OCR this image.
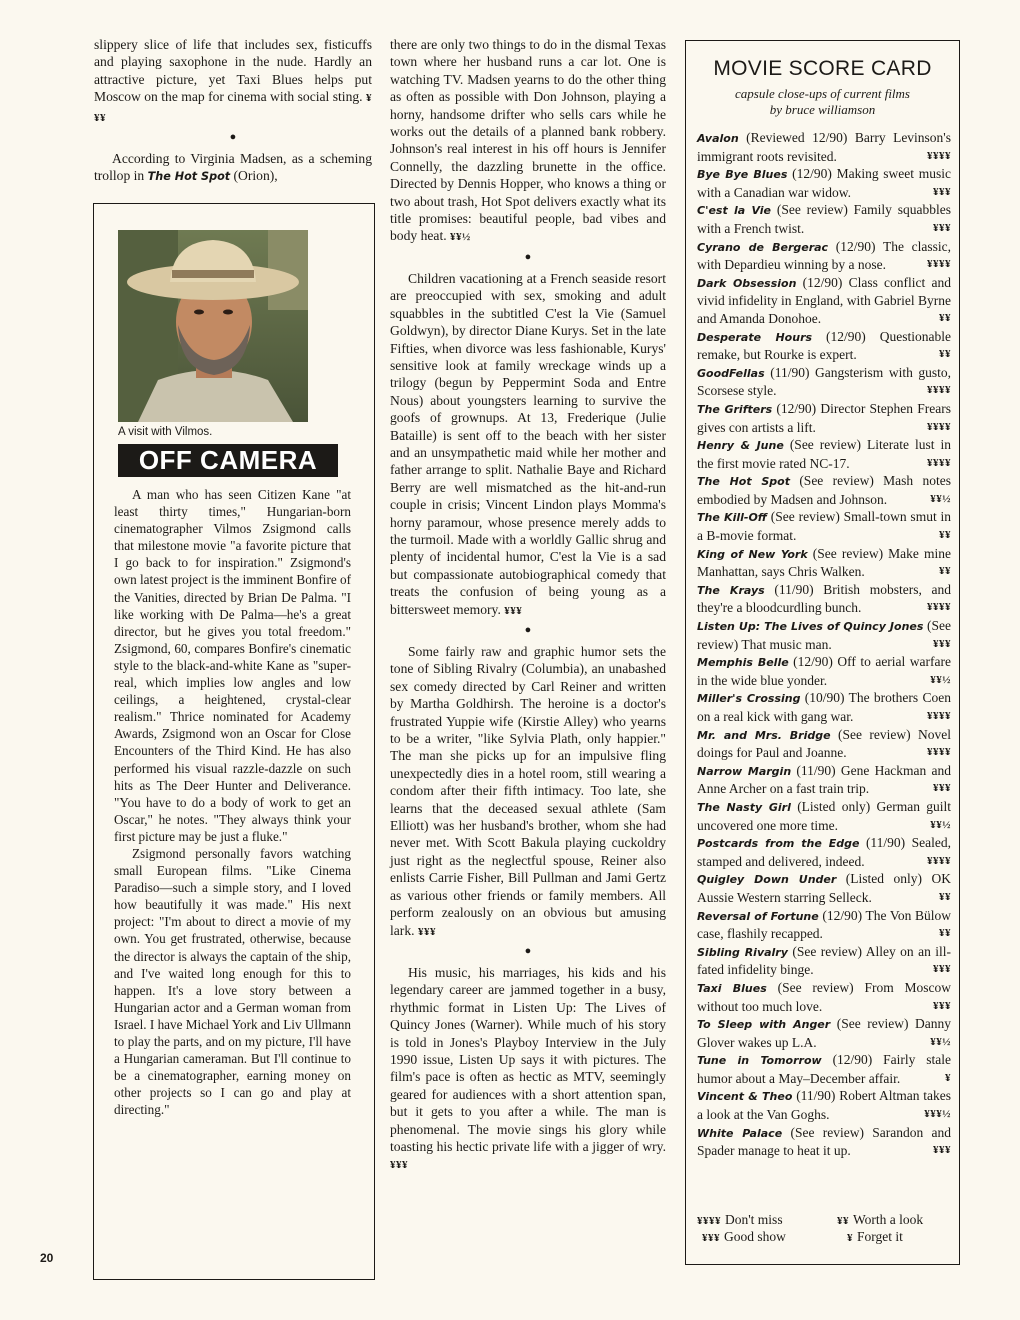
slippery slice of life that includes sex, fisticuffs and playing saxophone in the nude. Hardly an attractive picture, yet Taxi Blues helps put Moscow on the map for cinema with social sting. ¥¥¥

●

According to Virginia Madsen, as a scheming trollop in The Hot Spot (Orion),

A visit with Vilmos.
OFF CAMERA

A man who has seen Citizen Kane "at least thirty times," Hungarian-born cinematographer Vilmos Zsigmond calls that milestone movie "a favorite picture that I go back to for inspiration." Zsigmond's own latest project is the imminent Bonfire of the Vanities, directed by Brian De Palma. "I like working with De Palma—he's a great director, but he gives you total freedom." Zsigmond, 60, compares Bonfire's cinematic style to the black-and-white Kane as "super-real, which implies low angles and low ceilings, a heightened, crystal-clear realism." Thrice nominated for Academy Awards, Zsigmond won an Oscar for Close Encounters of the Third Kind. He has also performed his visual razzle-dazzle on such hits as The Deer Hunter and Deliverance. "You have to do a body of work to get an Oscar," he notes. "They always think your first picture may be just a fluke."

Zsigmond personally favors watching small European films. "Like Cinema Paradiso—such a simple story, and I loved how beautifully it was made." His next project: "I'm about to direct a movie of my own. You get frustrated, otherwise, because the director is always the captain of the ship, and I've waited long enough for this to happen. It's a love story between a Hungarian actor and a German woman from Israel. I have Michael York and Liv Ullmann to play the parts, and on my picture, I'll have a Hungarian cameraman. But I'll continue to be a cinematographer, earning money on other projects so I can go and play at directing."

there are only two things to do in the dismal Texas town where her husband runs a car lot. One is watching TV. Madsen yearns to do the other thing as often as possible with Don Johnson, playing a horny, handsome drifter who sells cars while he works out the details of a planned bank robbery. Johnson's real interest in his off hours is Jennifer Connelly, the dazzling brunette in the office. Directed by Dennis Hopper, who knows a thing or two about trash, Hot Spot delivers exactly what its title promises: beautiful people, bad vibes and body heat. ¥¥½

●

Children vacationing at a French seaside resort are preoccupied with sex, smoking and adult squabbles in the subtitled C'est la Vie (Samuel Goldwyn), by director Diane Kurys. Set in the late Fifties, when divorce was less fashionable, Kurys' sensitive look at family wreckage winds up a trilogy (begun by Peppermint Soda and Entre Nous) about youngsters learning to survive the goofs of grownups. At 13, Frederique (Julie Bataille) is sent off to the beach with her sister and an unsympathetic maid while her mother and father arrange to split. Nathalie Baye and Richard Berry are well mismatched as the hit-and-run couple in crisis; Vincent Lindon plays Momma's horny paramour, whose presence merely adds to the turmoil. Made with a worldly Gallic shrug and plenty of incidental humor, C'est la Vie is a sad but compassionate autobiographical comedy that treats the confusion of being young as a bittersweet memory. ¥¥¥

●

Some fairly raw and graphic humor sets the tone of Sibling Rivalry (Columbia), an unabashed sex comedy directed by Carl Reiner and written by Martha Goldhirsh. The heroine is a doctor's frustrated Yuppie wife (Kirstie Alley) who yearns to be a writer, "like Sylvia Plath, only happier." The man she picks up for an impulsive fling unexpectedly dies in a hotel room, still wearing a condom after their fifth intimacy. Too late, she learns that the deceased sexual athlete (Sam Elliott) was her husband's brother, whom she had never met. With Scott Bakula playing cuckoldry just right as the neglectful spouse, Reiner also enlists Carrie Fisher, Bill Pullman and Jami Gertz as various other friends or family members. All perform zealously on an obvious but amusing lark. ¥¥¥

●

His music, his marriages, his kids and his legendary career are jammed together in a busy, rhythmic format in Listen Up: The Lives of Quincy Jones (Warner). While much of his story is told in Jones's Playboy Interview in the July 1990 issue, Listen Up says it with pictures. The film's pace is often as hectic as MTV, seemingly geared for audiences with a short attention span, but it gets to you after a while. The man is phenomenal. The movie sings his glory while toasting his hectic private life with a jigger of wry. ¥¥¥

MOVIE SCORE CARD
capsule close-ups of current films
by bruce williamson

Avalon (Reviewed 12/90) Barry Levinson's immigrant roots revisited.	¥¥¥¥

Bye Bye Blues (12/90) Making sweet music with a Canadian war widow.	¥¥¥

C'est la Vie (See review) Family squabbles with a French twist.	¥¥¥

Cyrano de Bergerac (12/90) The classic, with Depardieu winning by a nose.	¥¥¥¥

Dark Obsession (12/90) Class conflict and vivid infidelity in England, with Gabriel Byrne and Amanda Donohoe.	¥¥

Desperate Hours (12/90) Questionable remake, but Rourke is expert.	¥¥

GoodFellas (11/90) Gangsterism with gusto, Scorsese style.	¥¥¥¥

The Grifters (12/90) Director Stephen Frears gives con artists a lift.	¥¥¥¥

Henry & June (See review) Literate lust in the first movie rated NC-17.	¥¥¥¥

The Hot Spot (See review) Mash notes embodied by Madsen and Johnson.	¥¥½

The Kill-Off (See review) Small-town smut in a B-movie format.	¥¥

King of New York (See review) Make mine Manhattan, says Chris Walken.	¥¥

The Krays (11/90) British mobsters, and they're a bloodcurdling bunch.	¥¥¥¥

Listen Up: The Lives of Quincy Jones (See review) That music man.	¥¥¥

Memphis Belle (12/90) Off to aerial warfare in the wide blue yonder.	¥¥½

Miller's Crossing (10/90) The brothers Coen on a real kick with gang war.	¥¥¥¥

Mr. and Mrs. Bridge (See review) Novel doings for Paul and Joanne.	¥¥¥¥

Narrow Margin (11/90) Gene Hackman and Anne Archer on a fast train trip.	¥¥¥

The Nasty Girl (Listed only) German guilt uncovered one more time.	¥¥½

Postcards from the Edge (11/90) Sealed, stamped and delivered, indeed.	¥¥¥¥

Quigley Down Under (Listed only) OK Aussie Western starring Selleck.	¥¥

Reversal of Fortune (12/90) The Von Bülow case, flashily recapped.	¥¥

Sibling Rivalry (See review) Alley on an ill-fated infidelity binge.	¥¥¥

Taxi Blues (See review) From Moscow without too much love.	¥¥¥

To Sleep with Anger (See review) Danny Glover wakes up L.A.	¥¥½

Tune in Tomorrow (12/90) Fairly stale humor about a May–December affair.	¥

Vincent & Theo (11/90) Robert Altman takes a look at the Van Goghs.	¥¥¥½

White Palace (See review) Sarandon and Spader manage to heat it up.	¥¥¥

¥¥¥¥ Don't miss	¥¥ Worth a look
¥¥¥ Good show	¥ Forget it
20
